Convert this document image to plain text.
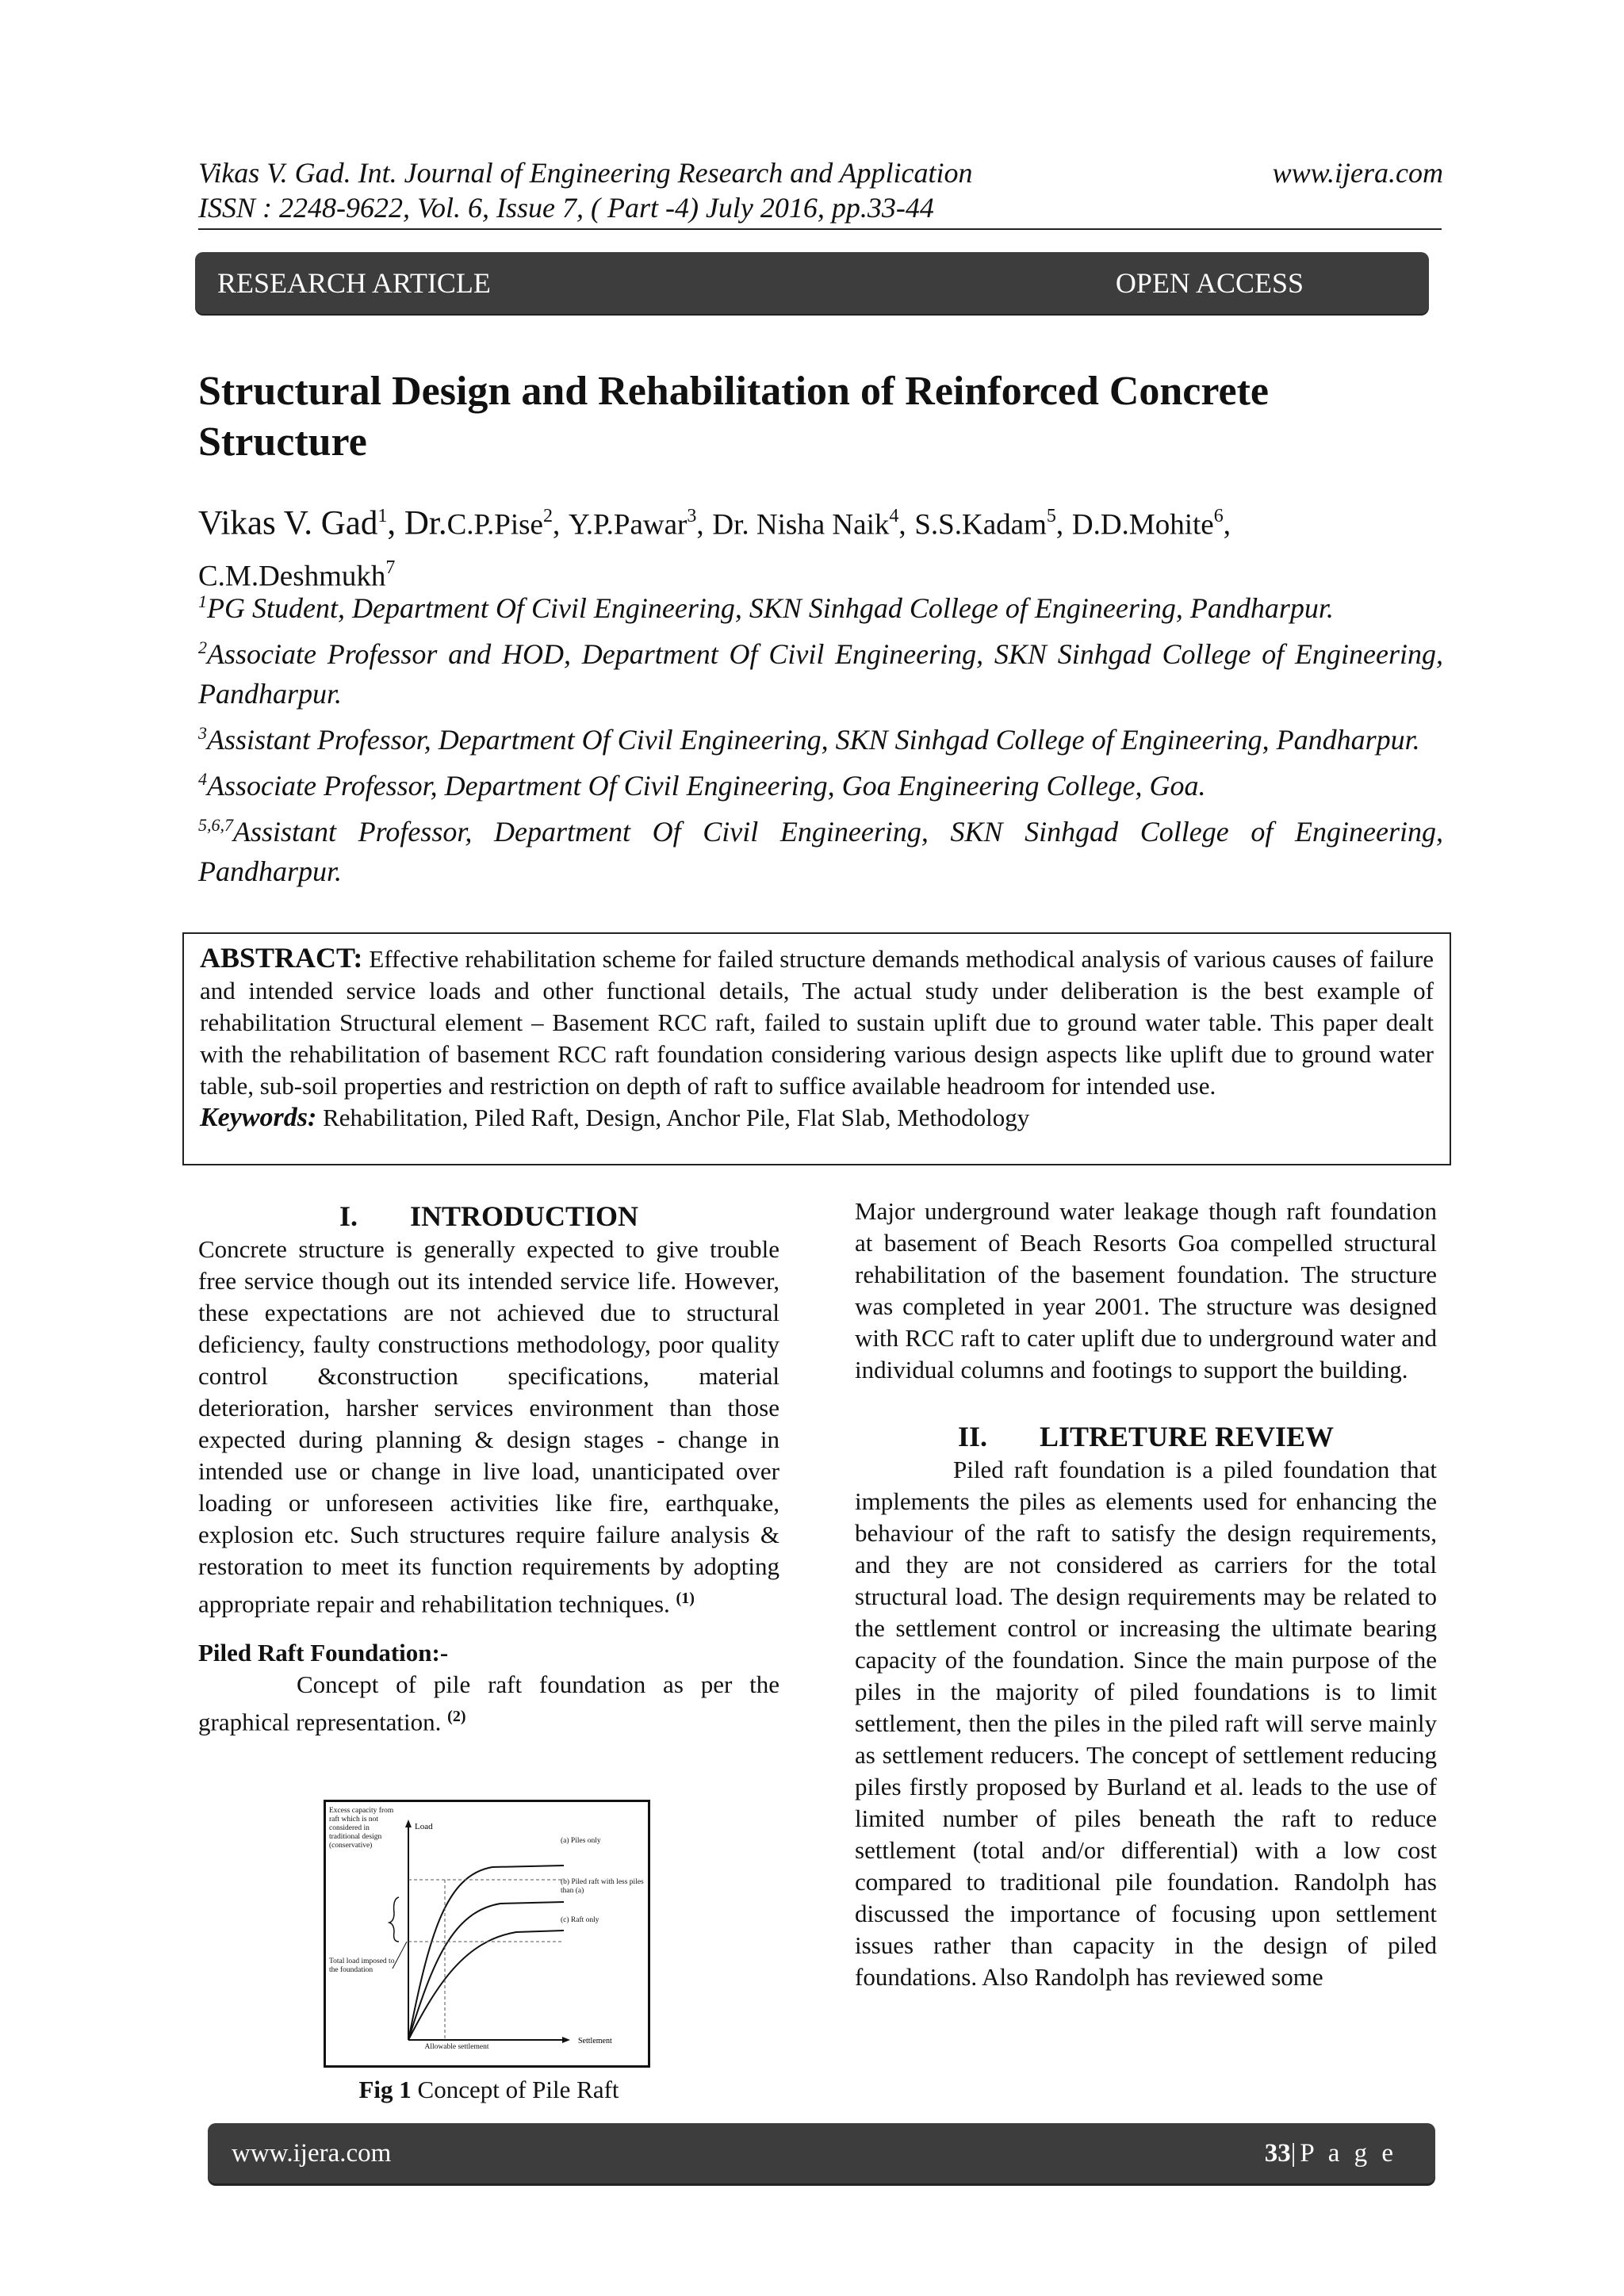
Vikas V. Gad. Int. Journal of Engineering Research and Application	www.ijera.com
ISSN : 2248-9622, Vol. 6, Issue 7, ( Part -4) July 2016, pp.33-44
RESEARCH ARTICLE	OPEN ACCESS
Structural Design and Rehabilitation of Reinforced Concrete Structure
Vikas V. Gad$^1$, Dr.C.P.Pise$^2$, Y.P.Pawar$^3$, Dr. Nisha Naik$^4$, S.S.Kadam$^5$, D.D.Mohite$^6$,
C.M.Deshmukh$^7$

$^1$PG Student, Department Of Civil Engineering, SKN Sinhgad College of Engineering, Pandharpur.

$^2$Associate Professor and HOD, Department Of Civil Engineering, SKN Sinhgad College of Engineering, Pandharpur.

$^3$Assistant Professor, Department Of Civil Engineering, SKN Sinhgad College of Engineering, Pandharpur.

$^4$Associate Professor, Department Of Civil Engineering, Goa Engineering College, Goa.

$^{5,6,7}$Assistant Professor, Department Of Civil Engineering, SKN Sinhgad College of Engineering, Pandharpur.

ABSTRACT: Effective rehabilitation scheme for failed structure demands methodical analysis of various causes of failure and intended service loads and other functional details, The actual study under deliberation is the best example of rehabilitation Structural element – Basement RCC raft, failed to sustain uplift due to ground water table. This paper dealt with the rehabilitation of basement RCC raft foundation considering various design aspects like uplift due to ground water table, sub-soil properties and restriction on depth of raft to suffice available headroom for intended use.
Keywords: Rehabilitation, Piled Raft, Design, Anchor Pile, Flat Slab, Methodology
I. INTRODUCTION

Concrete structure is generally expected to give trouble free service though out its intended service life. However, these expectations are not achieved due to structural deficiency, faulty constructions methodology, poor quality control &construction specifications, material deterioration, harsher services environment than those expected during planning & design stages - change in intended use or change in live load, unanticipated over loading or unforeseen activities like fire, earthquake, explosion etc. Such structures require failure analysis & restoration to meet its function requirements by adopting appropriate repair and rehabilitation techniques. $^{(1)}$

Piled Raft Foundation:-

Concept of pile raft foundation as per the graphical representation. $^{(2)}$

Load
Settlement
Excess capacity from raft which is not considered in traditional design (conservative)
Total load imposed to the foundation
(a) Piles only
(b) Piled raft with less piles than (a)
(c) Raft only
Allowable settlement
Fig 1 Concept of Pile Raft

Major underground water leakage though raft foundation at basement of Beach Resorts Goa compelled structural rehabilitation of the basement foundation. The structure was completed in year 2001. The structure was designed with RCC raft to cater uplift due to underground water and individual columns and footings to support the building.

II. LITRETURE REVIEW

Piled raft foundation is a piled foundation that implements the piles as elements used for enhancing the behaviour of the raft to satisfy the design requirements, and they are not considered as carriers for the total structural load. The design requirements may be related to the settlement control or increasing the ultimate bearing capacity of the foundation. Since the main purpose of the piles in the majority of piled foundations is to limit settlement, then the piles in the piled raft will serve mainly as settlement reducers. The concept of settlement reducing piles firstly proposed by Burland et al. leads to the use of limited number of piles beneath the raft to reduce settlement (total and/or differential) with a low cost compared to traditional pile foundation. Randolph has discussed the importance of focusing upon settlement issues rather than capacity in the design of piled foundations. Also Randolph has reviewed some

www.ijera.com	33|P a g e
